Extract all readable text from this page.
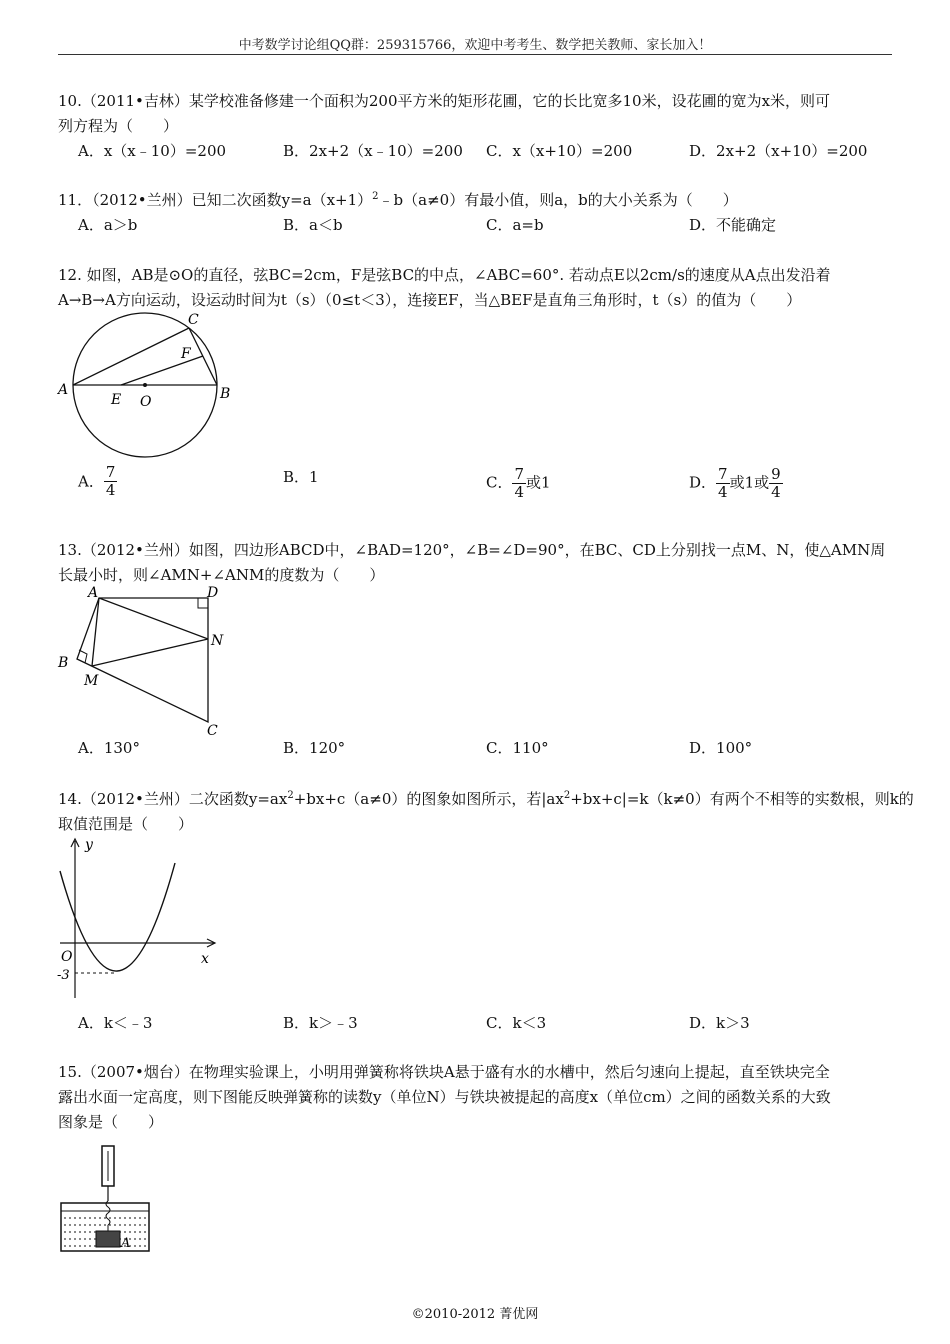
中考数学讨论组QQ群：259315766，欢迎中考考生、数学把关教师、家长加入！
10.（2011•吉林）某学校准备修建一个面积为200平方米的矩形花圃，它的长比宽多10米，设花圃的宽为x米，则可
列方程为（　　）
A．x（x﹣10）=200	B．2x+2（x﹣10）=200 C．x（x+10）=200	D．2x+2（x+10）=200
11．（2012•兰州）已知二次函数$y=a(x+1)^2﹣b(a\ne 0)$有最小值，则a，b的大小关系为（　　）
A．a＞b	B．a＜b	C．a=b	D．不能确定
12. 如图，AB是⊙O的直径，弦BC=2cm，F是弦BC的中点，∠ABC=60°. 若动点E以2cm/s的速度从A点出发沿着
A→B→A方向运动，设运动时间为t（s）（0≤t＜3），连接EF，当△BEF是直角三角形时，t（s）的值为（　　）
A	B
C
F
E O
A． $\frac{7}{4}$	B．1	C． $\frac{7}{4}$ 或1	D． $\frac{7}{4}$ 或1或 $\frac{9}{4}$
13.（2012•兰州）如图，四边形ABCD中，∠BAD=120°，∠B=∠D=90°，在BC、CD上分别找一点M、N，使△AMN周
长最小时，则∠AMN+∠ANM的度数为（　　）
A	D
N
B
M
C
A．130°	B．120°	C．110°	D．100°
14.（2012•兰州）二次函数$y=ax^2+bx+c(a\ne 0)$的图象如图所示，若$|ax^2+bx+c|=k(k\ne 0)$有两个不相等的实数根，则k的
取值范围是（　　）
y
x
O
-3
A．k＜﹣3	B．k＞﹣3	C．k＜3	D．k＞3
15.（2007•烟台）在物理实验课上，小明用弹簧称将铁块A悬于盛有水的水槽中，然后匀速向上提起，直至铁块完全
露出水面一定高度，则下图能反映弹簧称的读数y（单位N）与铁块被提起的高度x（单位cm）之间的函数关系的大致
图象是（　　）
A
©2010-2012 菁优网
